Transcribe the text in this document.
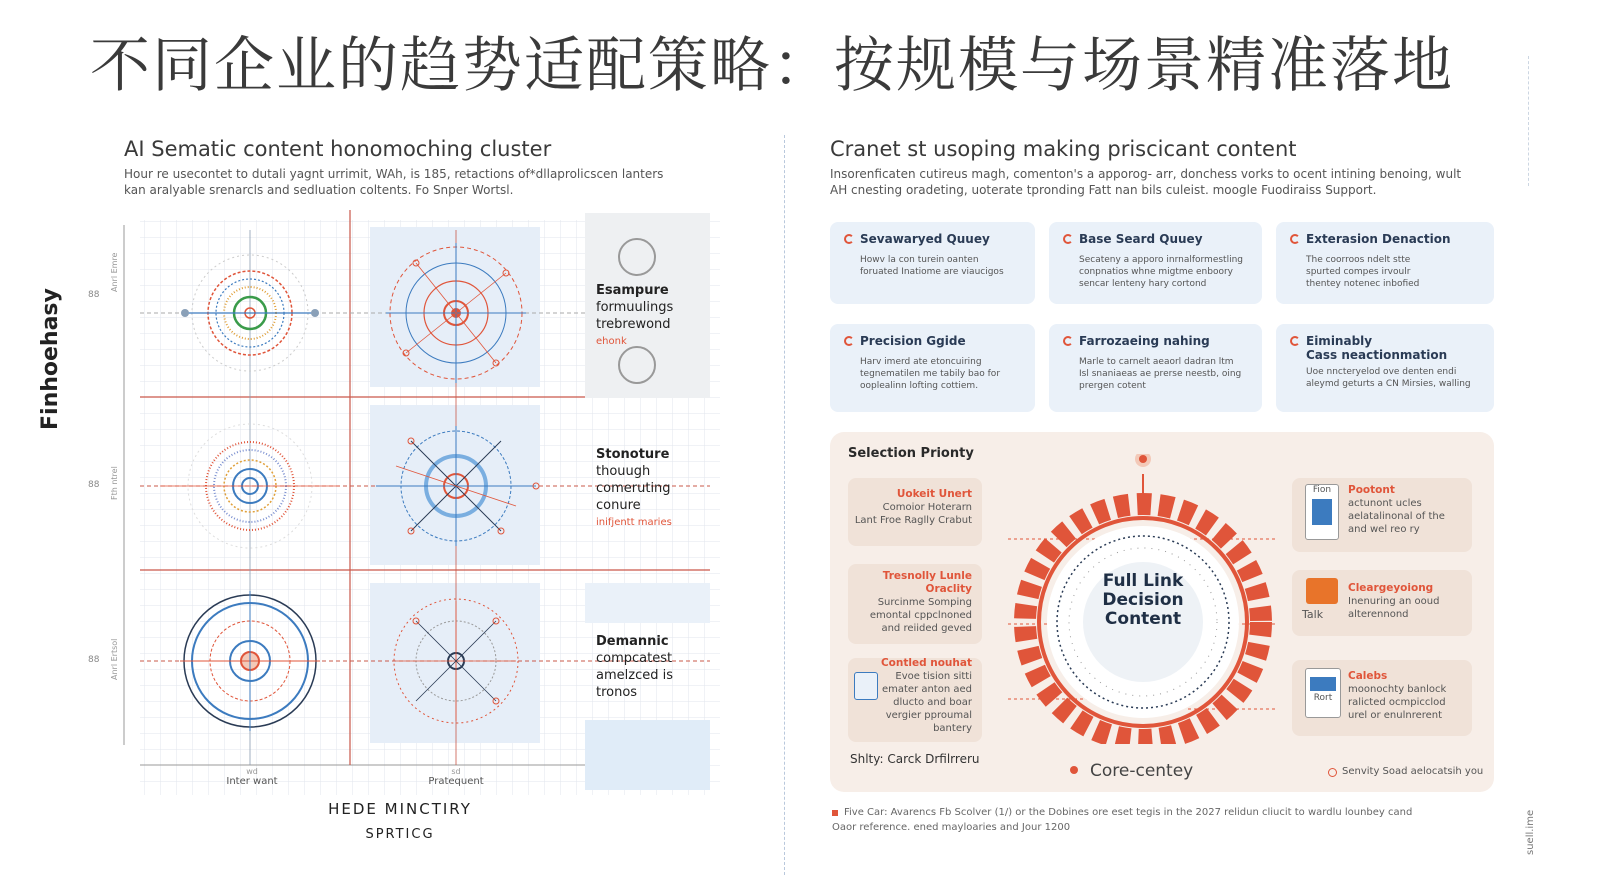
不同企业的趋势适配策略：按规模与场景精准落地
AI Sematic content honomoching cluster
Hour re usecontet to dutali yagnt urrimit, WAh, is 185, retactions of*dllaprolicscen lanters
kan aralyable srenarcls and sedluation coltents. Fo Snper Wortsl.
Finhoehasy	88
Anrl Emre
88 Fth ntrel
88 Anrl Ertsol
wd
Inter want
sd
Pratequent
Esampure
formuulings
trebrewond
ehonk
Stonoture
thouugh
comeruting
conure
inifjentt maries
Demannic
compcatest
amelzced is
tronos
HEDE MINCTIRY
SPRTICG
Cranet st usoping making priscicant content
Insorenficaten cutireus magh, comenton's a apporog- arr, donchess vorks to ocent intining benoing, wult
AH cnesting oradeting, uoterate tpronding Fatt nan bils culeist. moogle Fuodiraiss Support.
Sevawaryed Quuey
Howv la con turein oanten
foruated Inatiome are viaucigos
Base Seard Quuey
Secateny a apporo inrnalformestling
conpnatios whne migtme enboory
sencar lenteny hary cortond
Exterasion Denaction
The coorroos ndelt stte
spurted compes irvoulr
thentey notenec inbofied
Precision Ggide
Harv imerd ate etoncuiring
tegnematilen me tabily bao for
ooplealinn lofting cottiem.
Farrozaeing nahing
Marle to carnelt aeaorl dadran ltm
Isl snaniaeas ae prerse neestb, oing
prergen cotent
Eiminably
Cass neactionmation
Uoe nncteryelod ove denten endi
aleymd geturts a CN Mirsies, walling
Selection Prionty
Uokeit Unert
Comoior Hoterarn
Lant Froe Raglly Crabut
Tresnolly Lunle
Oraclity
Surcinme Somping
emontal cppclnoned
and reiided geved
Contled nouhat
Evoe tision sitti
emater anton aed
dlucto and boar
vergier pproumal
bantery
Full Link
Decision
Content
Fion	Pootont
actunont ucles
aelatalinonal of the
and wel reo ry
Talk
Cleargeyoiong
Inenuring an ooud
alterennond
Rort
Calebs
moonochty banlock
ralicted ocmpicclod
urel or enulnrerent
Shlty: Carck Drfilrreru
Core-centey	Senvity Soad aelocatsih you
Five Car: Avarencs Fb Scolver (1/) or the Dobines ore eset tegis in the 2027 relidun cliucit to wardlu lounbey cand
Oaor reference. ened mayloaries and Jour 1200	suell.ime
